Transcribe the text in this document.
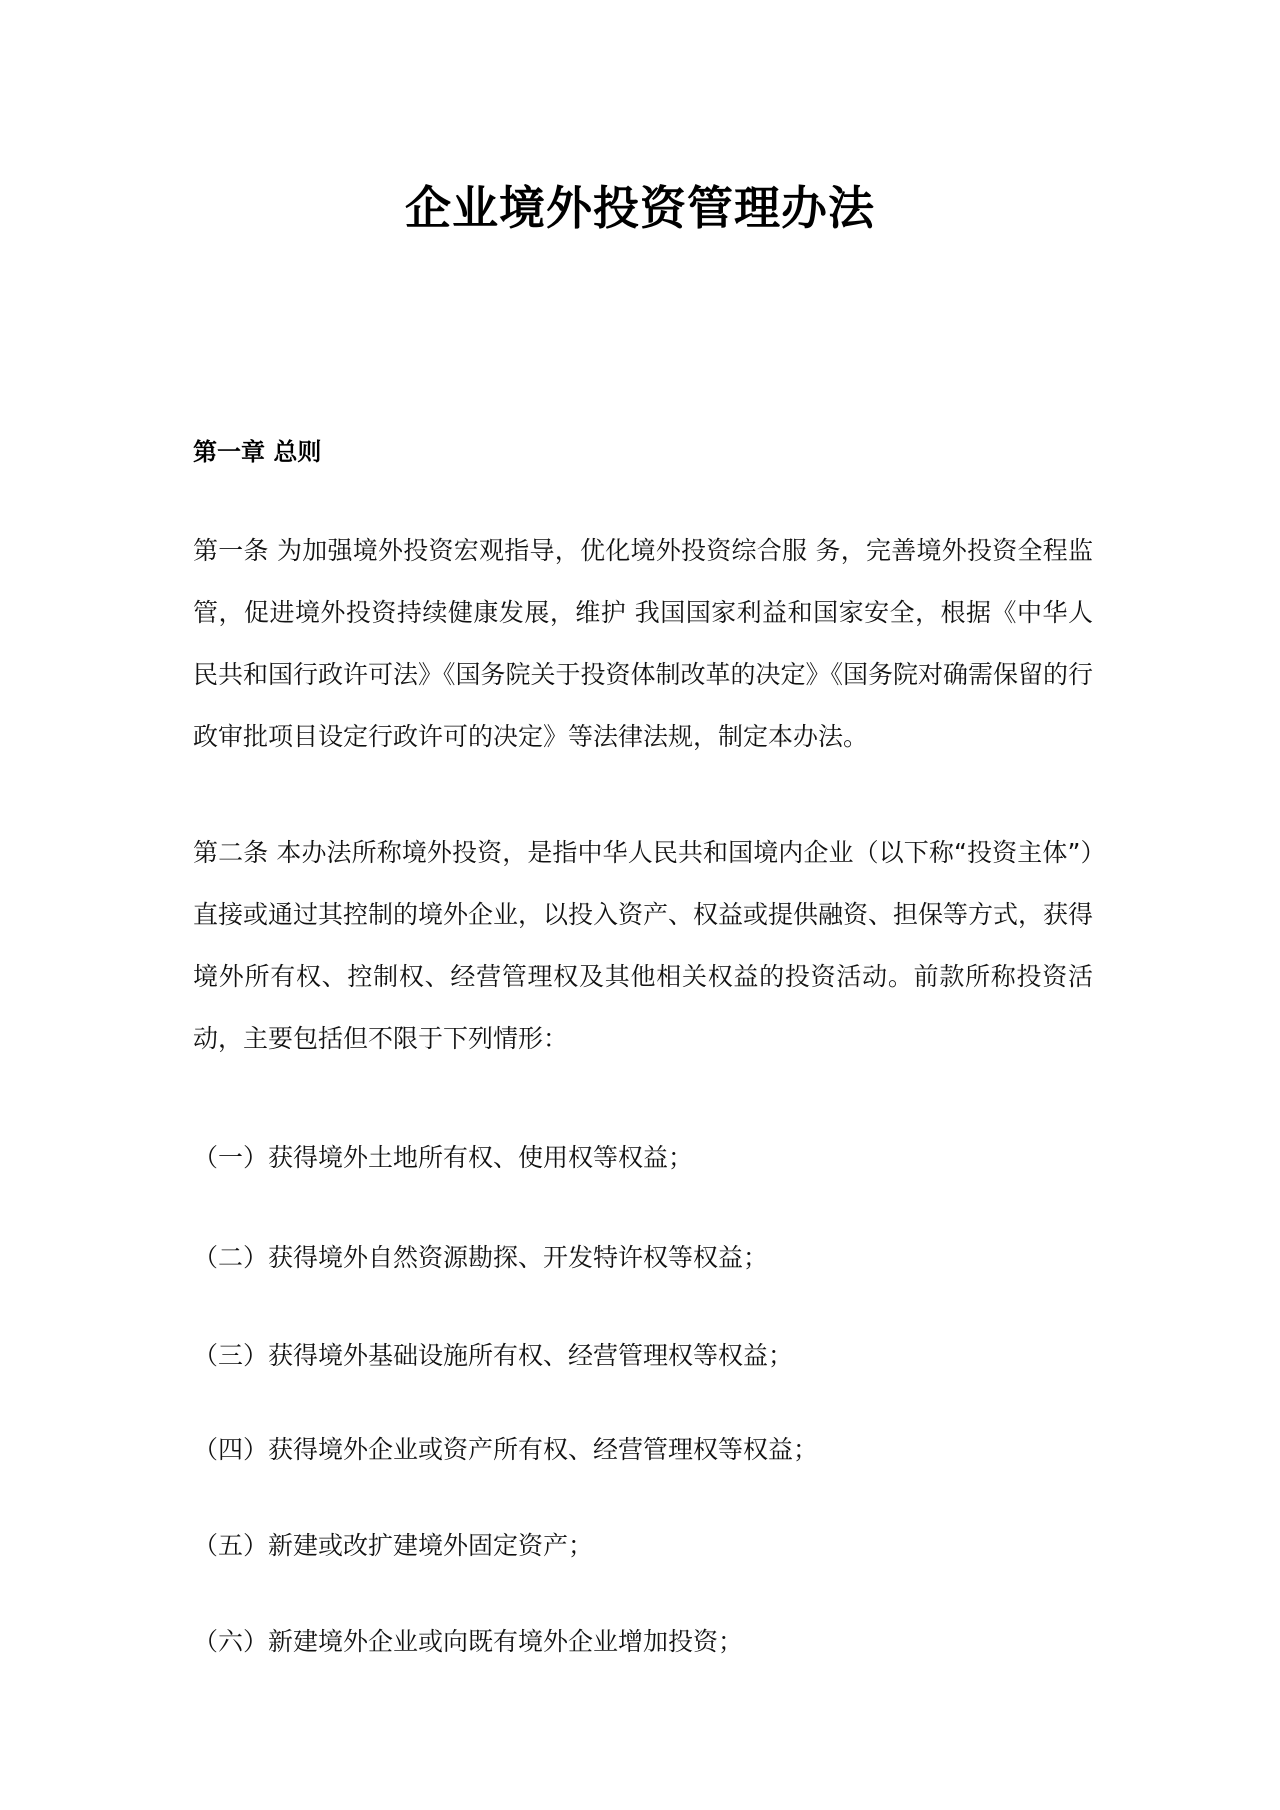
企业境外投资管理办法
第一章 总则

第一条 为加强境外投资宏观指导，优化境外投资综合服 务，完善境外投资全程监管，促进境外投资持续健康发展，维护 我国国家利益和国家安全，根据《中华人民共和国行政许可法》《国务院关于投资体制改革的决定》《国务院对确需保留的行政审批项目设定行政许可的决定》等法律法规，制定本办法。

第二条 本办法所称境外投资，是指中华人民共和国境内企业（以下称“投资主体”）直接或通过其控制的境外企业，以投入资产、权益或提供融资、担保等方式，获得境外所有权、控制权、经营管理权及其他相关权益的投资活动。前款所称投资活动，主要包括但不限于下列情形：

（一）获得境外土地所有权、使用权等权益；
（二）获得境外自然资源勘探、开发特许权等权益；
（三）获得境外基础设施所有权、经营管理权等权益；
（四）获得境外企业或资产所有权、经营管理权等权益；
（五）新建或改扩建境外固定资产；
（六）新建境外企业或向既有境外企业增加投资；
